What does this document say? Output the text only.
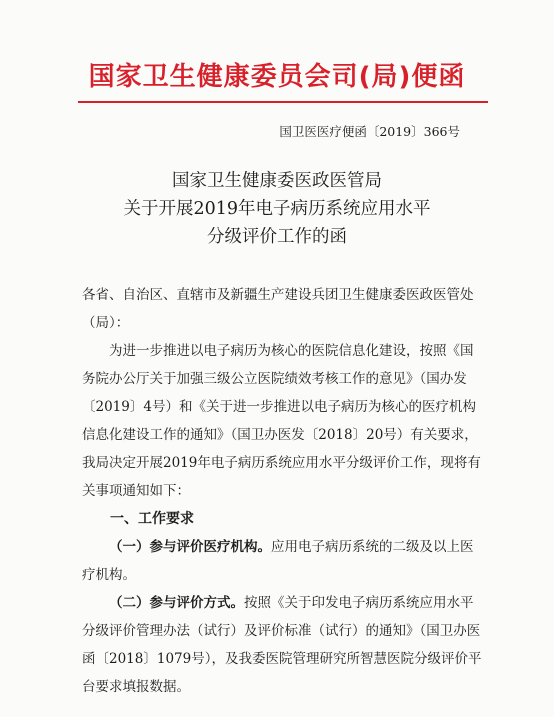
国家卫生健康委员会司(局)便函
国卫医医疗便函〔2019〕366号
国家卫生健康委医政医管局
关于开展2019年电子病历系统应用水平
分级评价工作的函

各省、自治区、直辖市及新疆生产建设兵团卫生健康委医政医管处（局）：

为进一步推进以电子病历为核心的医院信息化建设，按照《国务院办公厅关于加强三级公立医院绩效考核工作的意见》（国办发〔2019〕4号）和《关于进一步推进以电子病历为核心的医疗机构信息化建设工作的通知》（国卫办医发〔2018〕20号）有关要求，我局决定开展2019年电子病历系统应用水平分级评价工作，现将有关事项通知如下：

一、工作要求

（一）参与评价医疗机构。应用电子病历系统的二级及以上医疗机构。

（二）参与评价方式。按照《关于印发电子病历系统应用水平分级评价管理办法（试行）及评价标准（试行）的通知》（国卫办医函〔2018〕1079号），及我委医院管理研究所智慧医院分级评价平台要求填报数据。
